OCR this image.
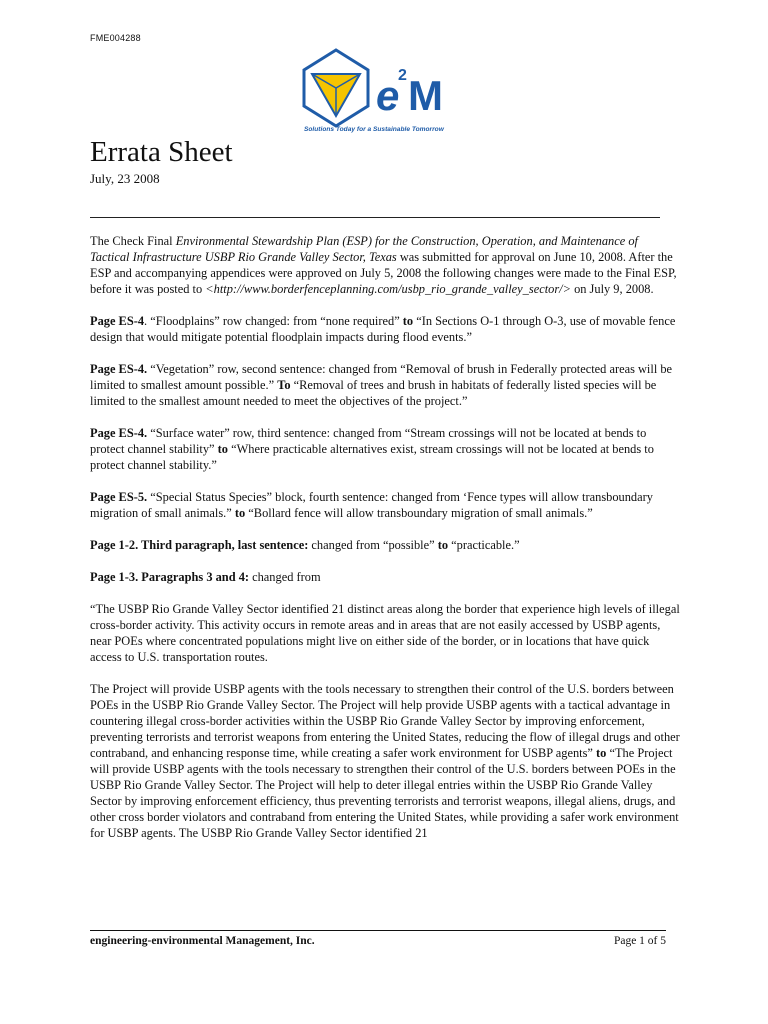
FME004288
e
2 M
Solutions Today for a Sustainable Tomorrow
Errata Sheet
July, 23 2008

The Check Final Environmental Stewardship Plan (ESP) for the Construction, Operation, and Maintenance of Tactical Infrastructure USBP Rio Grande Valley Sector, Texas was submitted for approval on June 10, 2008. After the ESP and accompanying appendices were approved on July 5, 2008 the following changes were made to the Final ESP, before it was posted to <http://www.borderfenceplanning.com/usbp_rio_grande_valley_sector/> on July 9, 2008.

Page ES-4. “Floodplains” row changed: from “none required” to “In Sections O-1 through O-3, use of movable fence design that would mitigate potential floodplain impacts during flood events.”

Page ES-4. “Vegetation” row, second sentence: changed from “Removal of brush in Federally protected areas will be limited to smallest amount possible.” To “Removal of trees and brush in habitats of federally listed species will be limited to the smallest amount needed to meet the objectives of the project.”

Page ES-4. “Surface water” row, third sentence: changed from “Stream crossings will not be located at bends to protect channel stability” to “Where practicable alternatives exist, stream crossings will not be located at bends to protect channel stability.”

Page ES-5. “Special Status Species” block, fourth sentence: changed from ‘Fence types will allow transboundary migration of small animals.” to “Bollard fence will allow transboundary migration of small animals.”

Page 1-2. Third paragraph, last sentence: changed from “possible” to “practicable.”

Page 1-3. Paragraphs 3 and 4: changed from

“The USBP Rio Grande Valley Sector identified 21 distinct areas along the border that experience high levels of illegal cross-border activity. This activity occurs in remote areas and in areas that are not easily accessed by USBP agents, near POEs where concentrated populations might live on either side of the border, or in locations that have quick access to U.S. transportation routes.

The Project will provide USBP agents with the tools necessary to strengthen their control of the U.S. borders between POEs in the USBP Rio Grande Valley Sector. The Project will help provide USBP agents with a tactical advantage in countering illegal cross-border activities within the USBP Rio Grande Valley Sector by improving enforcement, preventing terrorists and terrorist weapons from entering the United States, reducing the flow of illegal drugs and other contraband, and enhancing response time, while creating a safer work environment for USBP agents” to “The Project will provide USBP agents with the tools necessary to strengthen their control of the U.S. borders between POEs in the USBP Rio Grande Valley Sector. The Project will help to deter illegal entries within the USBP Rio Grande Valley Sector by improving enforcement efficiency, thus preventing terrorists and terrorist weapons, illegal aliens, drugs, and other cross border violators and contraband from entering the United States, while providing a safer work environment for USBP agents. The USBP Rio Grande Valley Sector identified 21

engineering-environmental Management, Inc.	Page 1 of 5
